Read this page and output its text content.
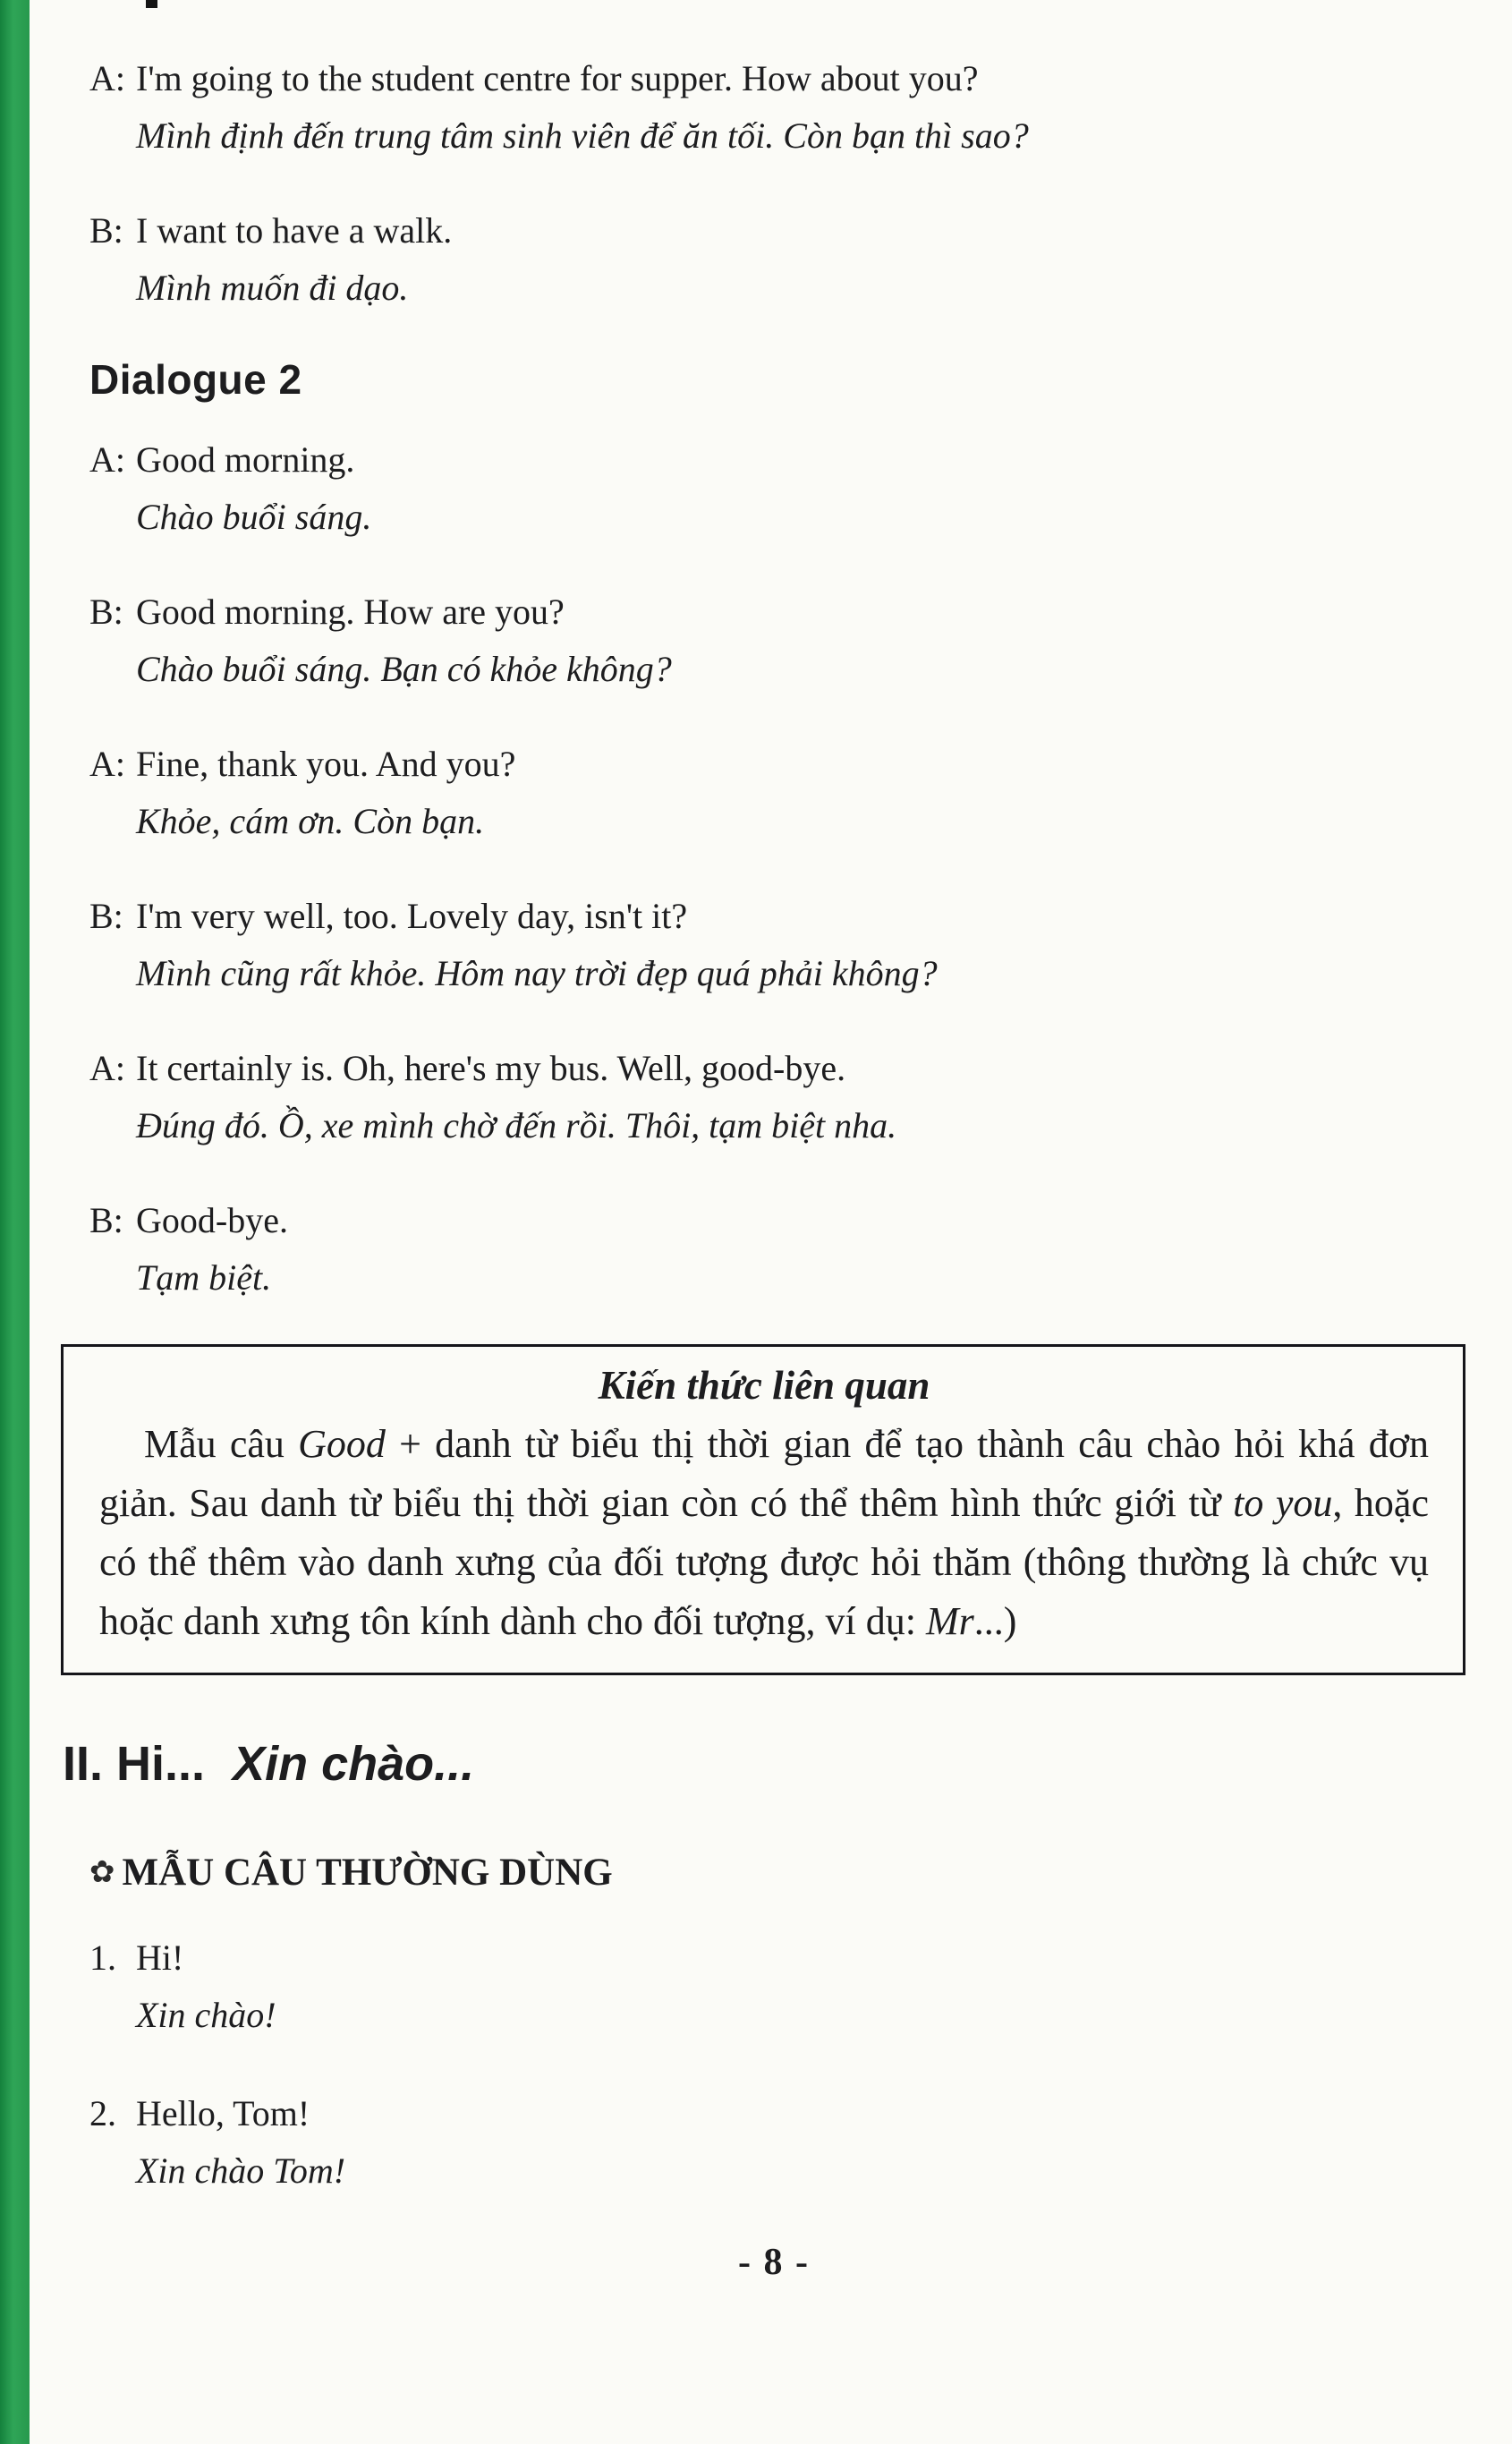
A: I'm going to the student centre for supper. How about you?
Mình định đến trung tâm sinh viên để ăn tối. Còn bạn thì sao?
B: I want to have a walk.
Mình muốn đi dạo.
Dialogue 2
A: Good morning.
Chào buổi sáng.
B: Good morning. How are you?
Chào buổi sáng. Bạn có khỏe không?
A: Fine, thank you. And you?
Khỏe, cám ơn. Còn bạn.
B: I'm very well, too. Lovely day, isn't it?
Mình cũng rất khỏe. Hôm nay trời đẹp quá phải không?
A: It certainly is. Oh, here's my bus. Well, good-bye.
Đúng đó. Ồ, xe mình chờ đến rồi. Thôi, tạm biệt nha.
B: Good-bye.
Tạm biệt.
Kiến thức liên quan

Mẫu câu Good + danh từ biểu thị thời gian để tạo thành câu chào hỏi khá đơn giản. Sau danh từ biểu thị thời gian còn có thể thêm hình thức giới từ to you, hoặc có thể thêm vào danh xưng của đối tượng được hỏi thăm (thông thường là chức vụ hoặc danh xưng tôn kính dành cho đối tượng, ví dụ: Mr...)

II. Hi... Xin chào...
✿ MẪU CÂU THƯỜNG DÙNG
1. Hi!
Xin chào!
2. Hello, Tom!
Xin chào Tom!
- 8 -
